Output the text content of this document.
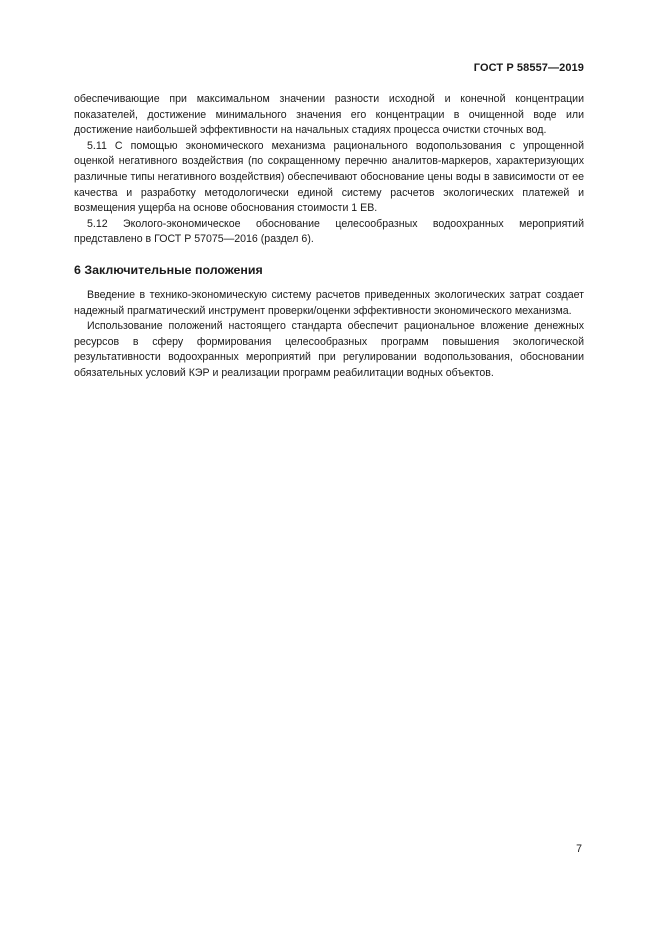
ГОСТ Р 58557—2019

обеспечивающие при максимальном значении разности исходной и конечной концентрации показателей, достижение минимального значения его концентрации в очищенной воде или достижение наибольшей эффективности на начальных стадиях процесса очистки сточных вод.

5.11 С помощью экономического механизма рационального водопользования с упрощенной оценкой негативного воздействия (по сокращенному перечню аналитов-маркеров, характеризующих различные типы негативного воздействия) обеспечивают обоснование цены воды в зависимости от ее качества и разработку методологически единой систему расчетов экологических платежей и возмещения ущерба на основе обоснования стоимости 1 ЕВ.

5.12 Эколого-экономическое обоснование целесообразных водоохранных мероприятий представлено в ГОСТ Р 57075—2016 (раздел 6).

6 Заключительные положения

Введение в технико-экономическую систему расчетов приведенных экологических затрат создает надежный прагматический инструмент проверки/оценки эффективности экономического механизма.

Использование положений настоящего стандарта обеспечит рациональное вложение денежных ресурсов в сферу формирования целесообразных программ повышения экологической результативности водоохранных мероприятий при регулировании водопользования, обосновании обязательных условий КЭР и реализации программ реабилитации водных объектов.

7
